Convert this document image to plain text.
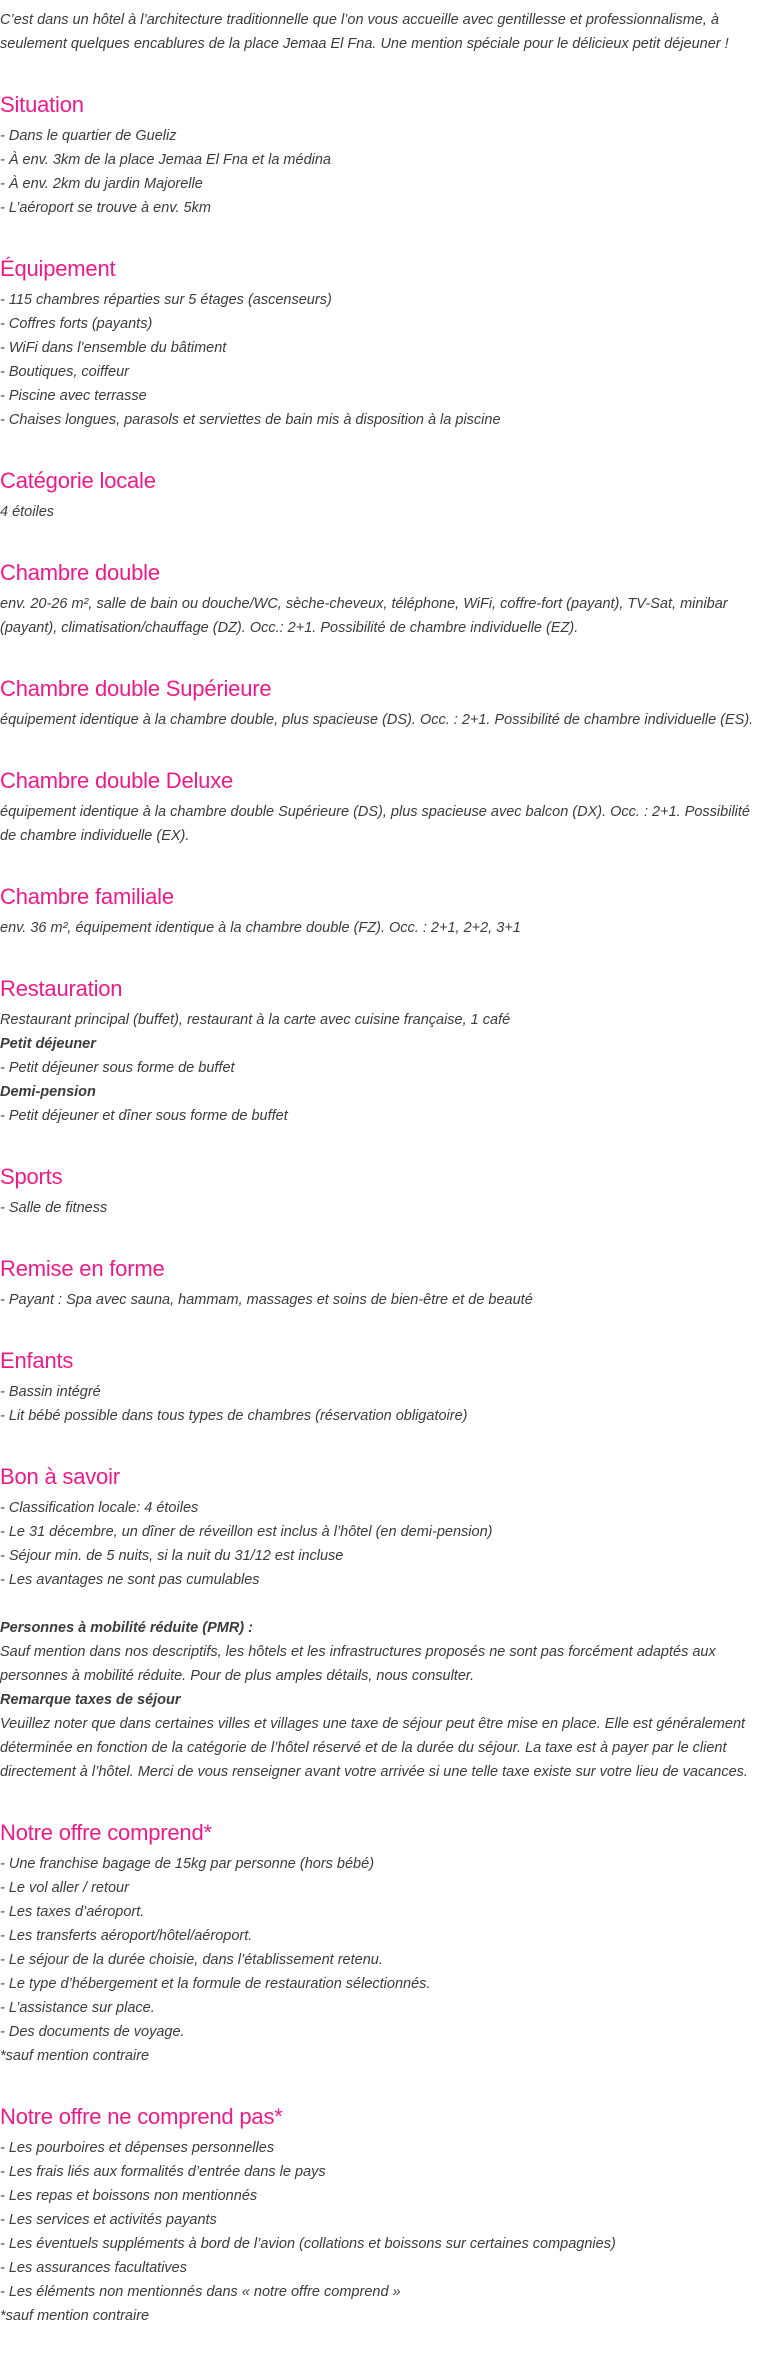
C’est dans un hôtel à l’architecture traditionnelle que l’on vous accueille avec gentillesse et professionnalisme, à seulement quelques encablures de la place Jemaa El Fna. Une mention spéciale pour le délicieux petit déjeuner !

Situation
- Dans le quartier de Gueliz
- À env. 3km de la place Jemaa El Fna et la médina
- À env. 2km du jardin Majorelle
- L’aéroport se trouve à env. 5km
Équipement
- 115 chambres réparties sur 5 étages (ascenseurs)
- Coffres forts (payants)
- WiFi dans l’ensemble du bâtiment
- Boutiques, coiffeur
- Piscine avec terrasse
- Chaises longues, parasols et serviettes de bain mis à disposition à la piscine
Catégorie locale
4 étoiles
Chambre double
env. 20-26 m², salle de bain ou douche/WC, sèche-cheveux, téléphone, WiFi, coffre-fort (payant), TV-Sat, minibar (payant), climatisation/chauffage (DZ). Occ.: 2+1. Possibilité de chambre individuelle (EZ).
Chambre double Supérieure
équipement identique à la chambre double, plus spacieuse (DS). Occ. : 2+1. Possibilité de chambre individuelle (ES).
Chambre double Deluxe
équipement identique à la chambre double Supérieure (DS), plus spacieuse avec balcon (DX). Occ. : 2+1. Possibilité de chambre individuelle (EX).
Chambre familiale
env. 36 m², équipement identique à la chambre double (FZ). Occ. : 2+1, 2+2, 3+1
Restauration
Restaurant principal (buffet), restaurant à la carte avec cuisine française, 1 café
Petit déjeuner
- Petit déjeuner sous forme de buffet
Demi-pension
- Petit déjeuner et dîner sous forme de buffet
Sports
- Salle de fitness
Remise en forme
- Payant : Spa avec sauna, hammam, massages et soins de bien-être et de beauté
Enfants
- Bassin intégré
- Lit bébé possible dans tous types de chambres (réservation obligatoire)
Bon à savoir
- Classification locale: 4 étoiles
- Le 31 décembre, un dîner de réveillon est inclus à l’hôtel (en demi-pension)
- Séjour min. de 5 nuits, si la nuit du 31/12 est incluse
- Les avantages ne sont pas cumulables
Personnes à mobilité réduite (PMR) :
Sauf mention dans nos descriptifs, les hôtels et les infrastructures proposés ne sont pas forcément adaptés aux personnes à mobilité réduite. Pour de plus amples détails, nous consulter.
Remarque taxes de séjour
Veuillez noter que dans certaines villes et villages une taxe de séjour peut être mise en place. Elle est généralement déterminée en fonction de la catégorie de l’hôtel réservé et de la durée du séjour. La taxe est à payer par le client directement à l’hôtel. Merci de vous renseigner avant votre arrivée si une telle taxe existe sur votre lieu de vacances.
Notre offre comprend*
- Une franchise bagage de 15kg par personne (hors bébé)
- Le vol aller / retour
- Les taxes d’aéroport.
- Les transferts aéroport/hôtel/aéroport.
- Le séjour de la durée choisie, dans l’établissement retenu.
- Le type d’hébergement et la formule de restauration sélectionnés.
- L’assistance sur place.
- Des documents de voyage.
*sauf mention contraire
Notre offre ne comprend pas*
- Les pourboires et dépenses personnelles
- Les frais liés aux formalités d’entrée dans le pays
- Les repas et boissons non mentionnés
- Les services et activités payants
- Les éventuels suppléments à bord de l’avion (collations et boissons sur certaines compagnies)
- Les assurances facultatives
- Les éléments non mentionnés dans « notre offre comprend »
*sauf mention contraire
